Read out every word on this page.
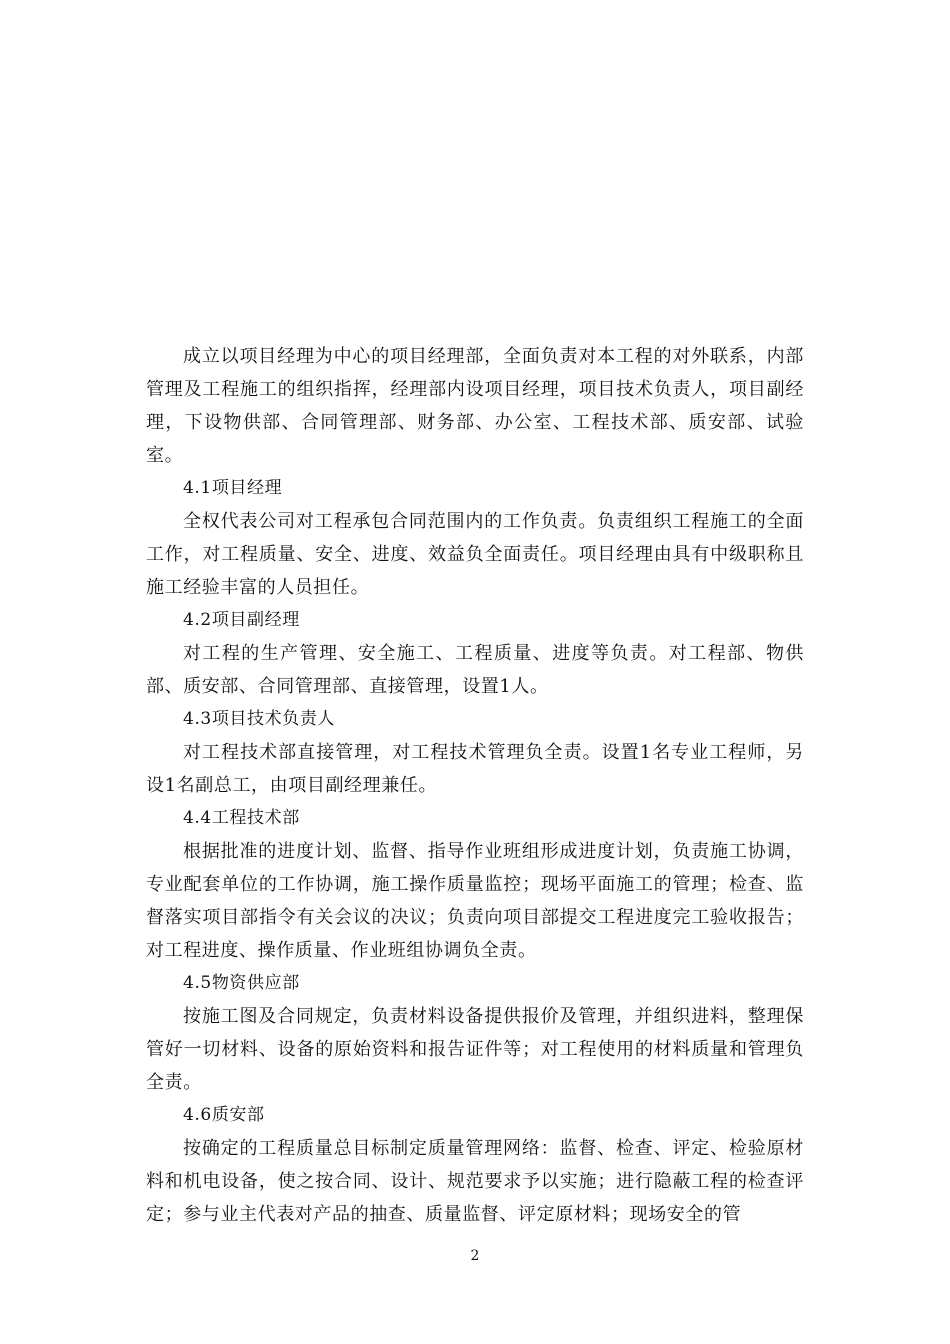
成立以项目经理为中心的项目经理部，全面负责对本工程的对外联系，内部管理及工程施工的组织指挥，经理部内设项目经理，项目技术负责人，项目副经理，下设物供部、合同管理部、财务部、办公室、工程技术部、质安部、试验室。

4.1项目经理

全权代表公司对工程承包合同范围内的工作负责。负责组织工程施工的全面工作，对工程质量、安全、进度、效益负全面责任。项目经理由具有中级职称且施工经验丰富的人员担任。

4.2项目副经理

对工程的生产管理、安全施工、工程质量、进度等负责。对工程部、物供部、质安部、合同管理部、直接管理，设置1人。

4.3项目技术负责人

对工程技术部直接管理，对工程技术管理负全责。设置1名专业工程师，另设1名副总工，由项目副经理兼任。

4.4工程技术部

根据批准的进度计划、监督、指导作业班组形成进度计划，负责施工协调，专业配套单位的工作协调，施工操作质量监控；现场平面施工的管理；检查、监督落实项目部指令有关会议的决议；负责向项目部提交工程进度完工验收报告；对工程进度、操作质量、作业班组协调负全责。

4.5物资供应部

按施工图及合同规定，负责材料设备提供报价及管理，并组织进料，整理保管好一切材料、设备的原始资料和报告证件等；对工程使用的材料质量和管理负全责。

4.6质安部

按确定的工程质量总目标制定质量管理网络：监督、检查、评定、检验原材料和机电设备，使之按合同、设计、规范要求予以实施；进行隐蔽工程的检查评定；参与业主代表对产品的抽查、质量监督、评定原材料；现场安全的管

2
